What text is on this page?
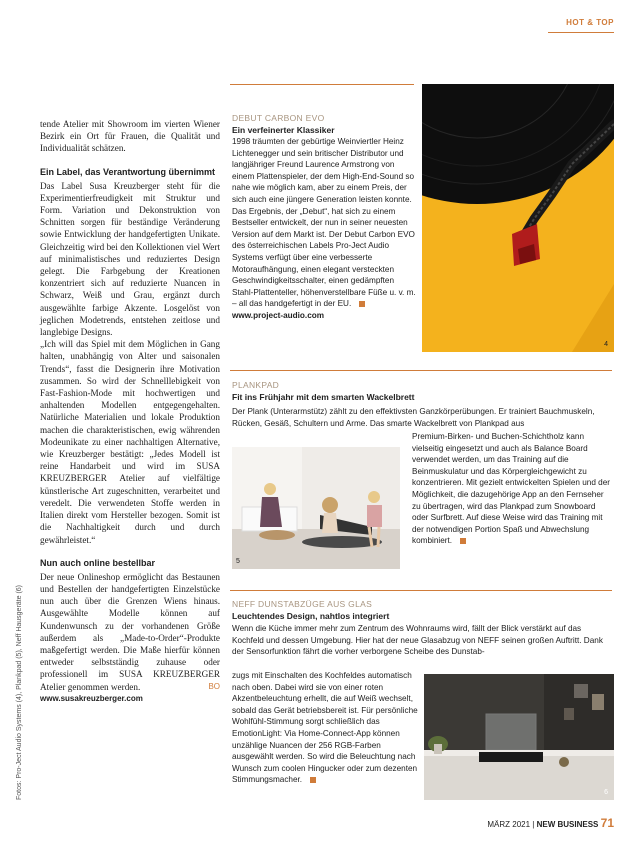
HOT & TOP
Fotos: Pro-Ject Audio Systems (4), Plankpad (5), Neff Hausgeräte (6)

tende Atelier mit Showroom im vierten Wiener Bezirk ein Ort für Frauen, die Qualität und Individualität schätzen.

Ein Label, das Verantwortung übernimmt

Das Label Susa Kreuzberger steht für die Experimentierfreudigkeit mit Struktur und Form. Variation und Dekonstruktion von Schnitten sorgen für beständige Veränderung sowie Entwicklung der handgefertigten Unikate. Gleichzeitig wird bei den Kollektionen viel Wert auf minimalistisches und reduziertes Design gelegt. Die Farbgebung der Kreationen konzentriert sich auf reduzierte Nuancen in Schwarz, Weiß und Grau, ergänzt durch ausgewählte farbige Akzente. Losgelöst von jeglichen Modetrends, entstehen zeitlose und langlebige Designs.

„Ich will das Spiel mit dem Möglichen in Gang halten, unabhängig von Alter und saisonalen Trends“, fasst die Designerin ihre Motivation zusammen. So wird der Schnelllebigkeit von Fast-Fashion-Mode mit hochwertigen und anhaltenden Modellen entgegengehalten. Natürliche Materialien und lokale Produktion machen die charakteristischen, ewig währenden Modeunikate zu einer nachhaltigen Alternative, wie Kreuzberger bestätigt: „Jedes Modell ist reine Handarbeit und wird im SUSA KREUZBERGER Atelier auf vielfältige künstlerische Art zugeschnitten, verarbeitet und veredelt. Die verwendeten Stoffe werden in Italien direkt vom Hersteller bezogen. Somit ist die Nachhaltigkeit durch und durch gewährleistet.“

Nun auch online bestellbar

Der neue Onlineshop ermöglicht das Bestaunen und Bestellen der handgefertigten Einzelstücke nun auch über die Grenzen Wiens hinaus. Ausgewählte Modelle können auf Kundenwunsch zu der vorhandenen Größe außerdem als „Made-to-Order“-Produkte maßgefertigt werden. Die Maße hierfür können entweder selbstständig zuhause oder professionell im SUSA KREUZBERGER Atelier genommen werden.	BO

www.susakreuzberger.com

DEBUT CARBON EVO
Ein verfeinerter Klassiker
1998 träumten der gebürtige Weinviertler Heinz Lichtenegger und sein britischer Distributor und langjähriger Freund Laurence Armstrong von einem Plattenspieler, der dem High-End-Sound so nahe wie möglich kam, aber zu einem Preis, der sich auch eine jüngere Generation leisten konnte. Das Ergebnis, der „Debut“, hat sich zu einem Bestseller entwickelt, der nun in seiner neuesten Version auf dem Markt ist. Der Debut Carbon EVO des österreichischen Labels Pro-Ject Audio Systems verfügt über eine verbesserte Motoraufhängung, einen elegant versteckten Geschwindigkeitsschalter, einen gedämpften Stahl-Plattenteller, höhenverstellbare Füße u. v. m. – all das handgefertigt in der EU.
www.project-audio.com
4
PLANKPAD
Fit ins Frühjahr mit dem smarten Wackelbrett
Der Plank (Unterarmstütz) zählt zu den effektivsten Ganzkörperübungen. Er trainiert Bauchmuskeln, Rücken, Gesäß, Schultern und Arme. Das smarte Wackelbrett von Plankpad aus
Premium-Birken- und Buchen-Schichtholz kann vielseitig eingesetzt und auch als Balance Board verwendet werden, um das Training auf die Beinmuskulatur und das Körpergleichgewicht zu konzentrieren. Mit gezielt entwickelten Spielen und der Möglichkeit, die dazugehörige App an den Fernseher zu übertragen, wird das Plankpad zum Snowboard oder Surfbrett. Auf diese Weise wird das Training mit der notwendigen Portion Spaß und Abwechslung kombiniert.
5
NEFF DUNSTABZÜGE AUS GLAS
Leuchtendes Design, nahtlos integriert
Wenn die Küche immer mehr zum Zentrum des Wohnraums wird, fällt der Blick verstärkt auf das Kochfeld und dessen Umgebung. Hier hat der neue Glasabzug von NEFF seinen großen Auftritt. Dank der Sensorfunktion fährt die vorher verborgene Scheibe des Dunstab-
zugs mit Einschalten des Kochfeldes automatisch nach oben. Dabei wird sie von einer roten Akzentbeleuchtung erhellt, die auf Weiß wechselt, sobald das Gerät betriebsbereit ist. Für persönliche Wohlfühl-Stimmung sorgt schließlich das EmotionLight: Via Home-Connect-App können unzählige Nuancen der 256 RGB-Farben ausgewählt werden. So wird die Beleuchtung nach Wunsch zum coolen Hingucker oder zum dezenten Stimmungsmacher.
6
MÄRZ 2021 | NEW BUSINESS 71
